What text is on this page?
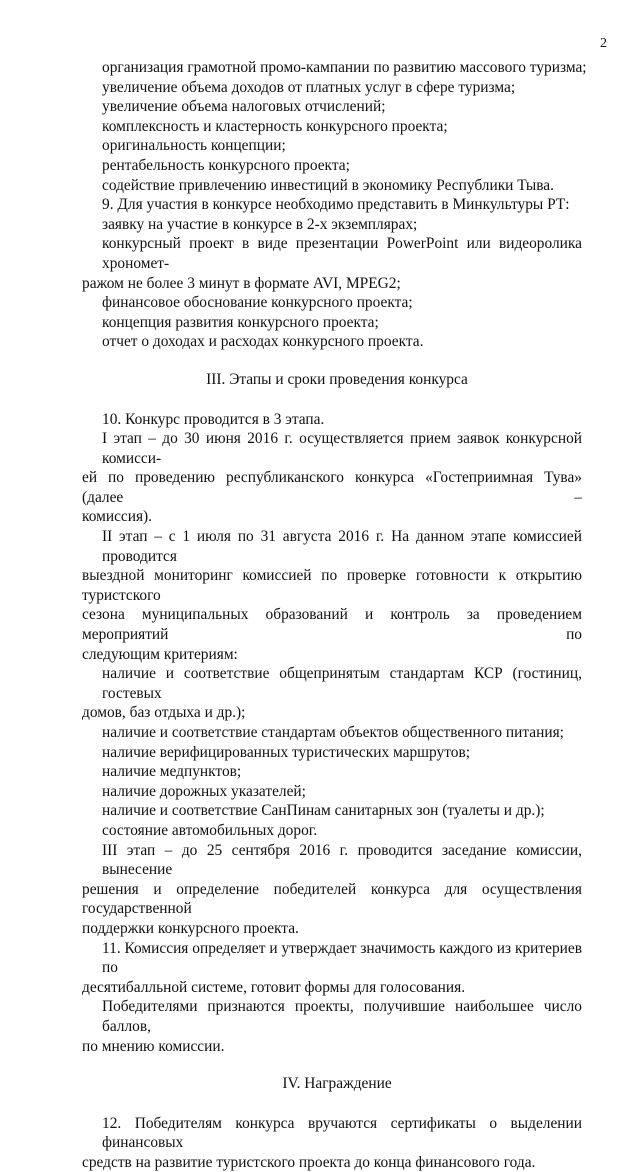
2

организация грамотной промо-кампании по развитию массового туризма;

увеличение объема доходов от платных услуг в сфере туризма;

увеличение объема налоговых отчислений;

комплексность и кластерность конкурсного проекта;

оригинальность концепции;

рентабельность конкурсного проекта;

содействие привлечению инвестиций в экономику Республики Тыва.

9. Для участия в конкурсе необходимо представить в Минкультуры РТ:

заявку на участие в конкурсе в 2-х экземплярах;

конкурсный проект в виде презентации PowerPoint или видеоролика хрономет-

ражом не более 3 минут в формате AVI, MPEG2;

финансовое обоснование конкурсного проекта;

концепция развития конкурсного проекта;

отчет о доходах и расходах конкурсного проекта.

III. Этапы и сроки проведения конкурса

10. Конкурс проводится в 3 этапа.

I этап – до 30 июня 2016 г. осуществляется прием заявок конкурсной комисси-

ей по проведению республиканского конкурса «Гостеприимная Тува» (далее –

комиссия).

II этап – с 1 июля по 31 августа 2016 г. На данном этапе комиссией проводится

выездной мониторинг комиссией по проверке готовности к открытию туристского

сезона муниципальных образований и контроль за проведением мероприятий по

следующим критериям:

наличие и соответствие общепринятым стандартам КСР (гостиниц, гостевых

домов, баз отдыха и др.);

наличие и соответствие стандартам объектов общественного питания;

наличие верифицированных туристических маршрутов;

наличие медпунктов;

наличие дорожных указателей;

наличие и соответствие СанПинам санитарных зон (туалеты и др.);

состояние автомобильных дорог.

III этап – до 25 сентября 2016 г. проводится заседание комиссии, вынесение

решения и определение победителей конкурса для осуществления государственной

поддержки конкурсного проекта.

11. Комиссия определяет и утверждает значимость каждого из критериев по

десятибалльной системе, готовит формы для голосования.

Победителями признаются проекты, получившие наибольшее число баллов,

по мнению комиссии.

IV. Награждение

12. Победителям конкурса вручаются сертификаты о выделении финансовых

средств на развитие туристского проекта до конца финансового года.
